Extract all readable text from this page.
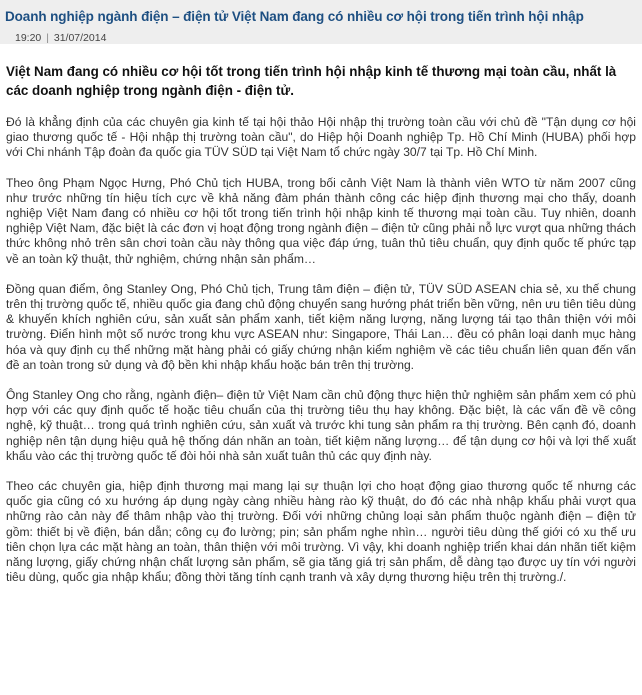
Doanh nghiệp ngành điện – điện tử Việt Nam đang có nhiều cơ hội trong tiến trình hội nhập
19:20 | 31/07/2014

Việt Nam đang có nhiều cơ hội tốt trong tiến trình hội nhập kinh tế thương mại toàn cầu, nhất là các doanh nghiệp trong ngành điện - điện tử.

Đó là khẳng định của các chuyên gia kinh tế tại hội thảo Hội nhập thị trường toàn cầu với chủ đề "Tận dụng cơ hội giao thương quốc tế - Hội nhập thị trường toàn cầu", do Hiệp hội Doanh nghiệp Tp. Hồ Chí Minh (HUBA) phối hợp với Chi nhánh Tập đoàn đa quốc gia TÜV SÜD tại Việt Nam tổ chức ngày 30/7 tại Tp. Hồ Chí Minh.

Theo ông Phạm Ngọc Hưng, Phó Chủ tịch HUBA, trong bối cảnh Việt Nam là thành viên WTO từ năm 2007 cũng như trước những tín hiệu tích cực về khả năng đàm phán thành công các hiệp định thương mại cho thấy, doanh nghiệp Việt Nam đang có nhiều cơ hội tốt trong tiến trình hội nhập kinh tế thương mại toàn cầu. Tuy nhiên, doanh nghiệp Việt Nam, đặc biệt là các đơn vị hoạt động trong ngành điện – điện tử cũng phải nỗ lực vượt qua những thách thức không nhỏ trên sân chơi toàn cầu này thông qua việc đáp ứng, tuân thủ tiêu chuẩn, quy định quốc tế phức tạp về an toàn kỹ thuật, thử nghiệm, chứng nhận sản phẩm…

Đồng quan điểm, ông Stanley Ong, Phó Chủ tịch, Trung tâm điện – điện tử, TÜV SÜD ASEAN chia sẻ, xu thế chung trên thị trường quốc tế, nhiều quốc gia đang chủ động chuyển sang hướng phát triển bền vững, nên ưu tiên tiêu dùng & khuyến khích nghiên cứu, sản xuất sản phẩm xanh, tiết kiệm năng lượng, năng lượng tái tạo thân thiện với môi trường. Điển hình một số nước trong khu vực ASEAN như: Singapore, Thái Lan… đều có phân loại danh mục hàng hóa và quy định cụ thể những mặt hàng phải có giấy chứng nhận kiểm nghiệm về các tiêu chuẩn liên quan đến vấn đề an toàn trong sử dụng và độ bền khi nhập khẩu hoặc bán trên thị trường.

Ông Stanley Ong cho rằng, ngành điện– điện tử Việt Nam cần chủ động thực hiện thử nghiệm sản phẩm xem có phù hợp với các quy định quốc tế hoặc tiêu chuẩn của thị trường tiêu thụ hay không. Đặc biệt, là các vấn đề về công nghệ, kỹ thuật… trong quá trình nghiên cứu, sản xuất và trước khi tung sản phẩm ra thị trường. Bên cạnh đó, doanh nghiệp nên tận dụng hiệu quả hệ thống dán nhãn an toàn, tiết kiệm năng lượng… để tận dụng cơ hội và lợi thế xuất khẩu vào các thị trường quốc tế đòi hỏi nhà sản xuất tuân thủ các quy định này.

Theo các chuyên gia, hiệp định thương mại mang lại sự thuận lợi cho hoạt động giao thương quốc tế nhưng các quốc gia cũng có xu hướng áp dụng ngày càng nhiều hàng rào kỹ thuật, do đó các nhà nhập khẩu phải vượt qua những rào cản này để thâm nhập vào thị trường. Đối với những chủng loại sản phẩm thuộc ngành điện – điện tử gồm: thiết bị về điện, bán dẫn; công cụ đo lường; pin; sản phẩm nghe nhìn… người tiêu dùng thế giới có xu thế ưu tiên chọn lựa các mặt hàng an toàn, thân thiện với môi trường. Vì vậy, khi doanh nghiệp triển khai dán nhãn tiết kiệm năng lượng, giấy chứng nhận chất lượng sản phẩm, sẽ gia tăng giá trị sản phẩm, dễ dàng tạo được uy tín với người tiêu dùng, quốc gia nhập khẩu; đồng thời tăng tính cạnh tranh và xây dựng thương hiệu trên thị trường./.
